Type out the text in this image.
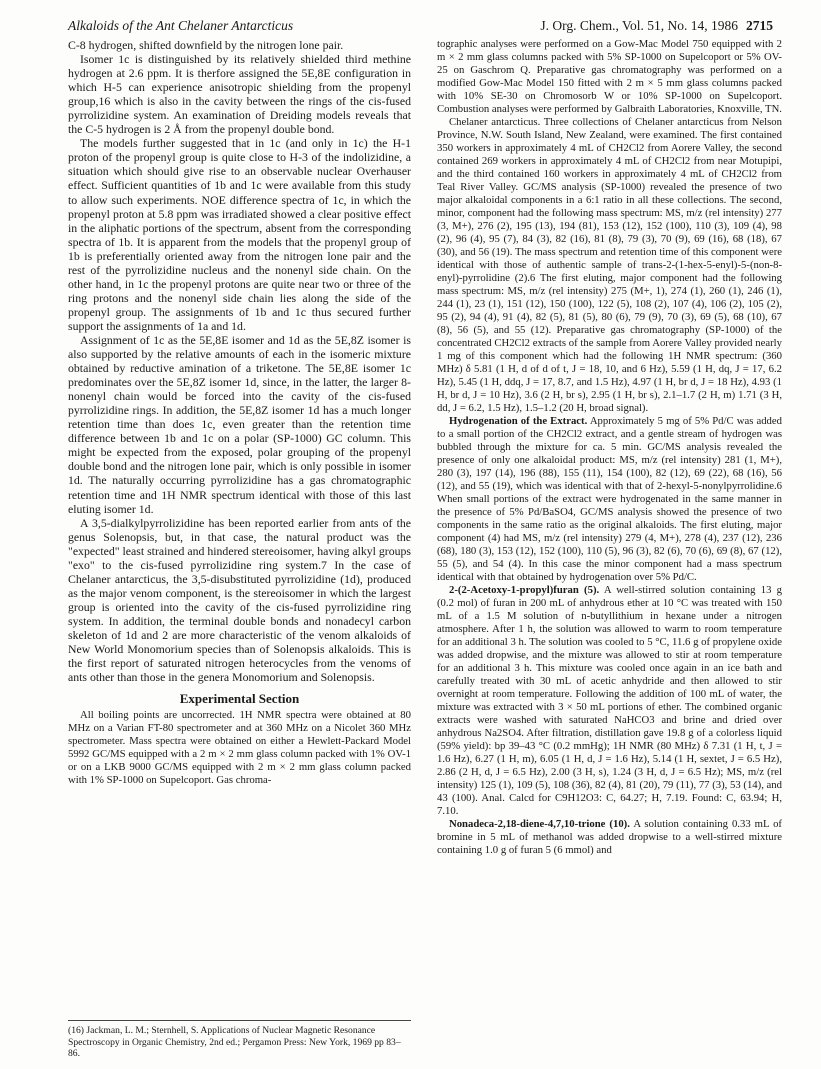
Alkaloids of the Ant Chelaner Antarcticus	J. Org. Chem., Vol. 51, No. 14, 1986 2715

C-8 hydrogen, shifted downfield by the nitrogen lone pair.

Isomer 1c is distinguished by its relatively shielded third methine hydrogen at 2.6 ppm. It is therfore assigned the 5E,8E configuration in which H-5 can experience anisotropic shielding from the propenyl group,16 which is also in the cavity between the rings of the cis-fused pyrrolizidine system. An examination of Dreiding models reveals that the C-5 hydrogen is 2 Å from the propenyl double bond.

The models further suggested that in 1c (and only in 1c) the H-1 proton of the propenyl group is quite close to H-3 of the indolizidine, a situation which should give rise to an observable nuclear Overhauser effect. Sufficient quantities of 1b and 1c were available from this study to allow such experiments. NOE difference spectra of 1c, in which the propenyl proton at 5.8 ppm was irradiated showed a clear positive effect in the aliphatic portions of the spectrum, absent from the corresponding spectra of 1b. It is apparent from the models that the propenyl group of 1b is preferentially oriented away from the nitrogen lone pair and the rest of the pyrrolizidine nucleus and the nonenyl side chain. On the other hand, in 1c the propenyl protons are quite near two or three of the ring protons and the nonenyl side chain lies along the side of the propenyl group. The assignments of 1b and 1c thus secured further support the assignments of 1a and 1d.

Assignment of 1c as the 5E,8E isomer and 1d as the 5E,8Z isomer is also supported by the relative amounts of each in the isomeric mixture obtained by reductive amination of a triketone. The 5E,8E isomer 1c predominates over the 5E,8Z isomer 1d, since, in the latter, the larger 8-nonenyl chain would be forced into the cavity of the cis-fused pyrrolizidine rings. In addition, the 5E,8Z isomer 1d has a much longer retention time than does 1c, even greater than the retention time difference between 1b and 1c on a polar (SP-1000) GC column. This might be expected from the exposed, polar grouping of the propenyl double bond and the nitrogen lone pair, which is only possible in isomer 1d. The naturally occurring pyrrolizidine has a gas chromatographic retention time and 1H NMR spectrum identical with those of this last eluting isomer 1d.

A 3,5-dialkylpyrrolizidine has been reported earlier from ants of the genus Solenopsis, but, in that case, the natural product was the "expected" least strained and hindered stereoisomer, having alkyl groups "exo" to the cis-fused pyrrolizidine ring system.7 In the case of Chelaner antarcticus, the 3,5-disubstituted pyrrolizidine (1d), produced as the major venom component, is the stereoisomer in which the largest group is oriented into the cavity of the cis-fused pyrrolizidine ring system. In addition, the terminal double bonds and nonadecyl carbon skeleton of 1d and 2 are more characteristic of the venom alkaloids of New World Monomorium species than of Solenopsis alkaloids. This is the first report of saturated nitrogen heterocycles from the venoms of ants other than those in the genera Monomorium and Solenopsis.

Experimental Section

All boiling points are uncorrected. 1H NMR spectra were obtained at 80 MHz on a Varian FT-80 spectrometer and at 360 MHz on a Nicolet 360 MHz spectrometer. Mass spectra were obtained on either a Hewlett-Packard Model 5992 GC/MS equipped with a 2 m × 2 mm glass column packed with 1% OV-1 or on a LKB 9000 GC/MS equipped with 2 m × 2 mm glass column packed with 1% SP-1000 on Supelcoport. Gas chroma-

(16) Jackman, L. M.; Sternhell, S. Applications of Nuclear Magnetic Resonance Spectroscopy in Organic Chemistry, 2nd ed.; Pergamon Press: New York, 1969 pp 83–86.

tographic analyses were performed on a Gow-Mac Model 750 equipped with 2 m × 2 mm glass columns packed with 5% SP-1000 on Supelcoport or 5% OV-25 on Gaschrom Q. Preparative gas chromatography was performed on a modified Gow-Mac Model 150 fitted with 2 m × 5 mm glass columns packed with 10% SE-30 on Chromosorb W or 10% SP-1000 on Supelcoport. Combustion analyses were performed by Galbraith Laboratories, Knoxville, TN.

Chelaner antarcticus. Three collections of Chelaner antarcticus from Nelson Province, N.W. South Island, New Zealand, were examined. The first contained 350 workers in approximately 4 mL of CH2Cl2 from Aorere Valley, the second contained 269 workers in approximately 4 mL of CH2Cl2 from near Motupipi, and the third contained 160 workers in approximately 4 mL of CH2Cl2 from Teal River Valley. GC/MS analysis (SP-1000) revealed the presence of two major alkaloidal components in a 6:1 ratio in all these collections. The second, minor, component had the following mass spectrum: MS, m/z (rel intensity) 277 (3, M+), 276 (2), 195 (13), 194 (81), 153 (12), 152 (100), 110 (3), 109 (4), 98 (2), 96 (4), 95 (7), 84 (3), 82 (16), 81 (8), 79 (3), 70 (9), 69 (16), 68 (18), 67 (30), and 56 (19). The mass spectrum and retention time of this component were identical with those of authentic sample of trans-2-(1-hex-5-enyl)-5-(non-8-enyl)-pyrrolidine (2).6 The first eluting, major component had the following mass spectrum: MS, m/z (rel intensity) 275 (M+, 1), 274 (1), 260 (1), 246 (1), 244 (1), 23 (1), 151 (12), 150 (100), 122 (5), 108 (2), 107 (4), 106 (2), 105 (2), 95 (2), 94 (4), 91 (4), 82 (5), 81 (5), 80 (6), 79 (9), 70 (3), 69 (5), 68 (10), 67 (8), 56 (5), and 55 (12). Preparative gas chromatography (SP-1000) of the concentrated CH2Cl2 extracts of the sample from Aorere Valley provided nearly 1 mg of this component which had the following 1H NMR spectrum: (360 MHz) δ 5.81 (1 H, d of d of t, J = 18, 10, and 6 Hz), 5.59 (1 H, dq, J = 17, 6.2 Hz), 5.45 (1 H, ddq, J = 17, 8.7, and 1.5 Hz), 4.97 (1 H, br d, J = 18 Hz), 4.93 (1 H, br d, J = 10 Hz), 3.6 (2 H, br s), 2.95 (1 H, br s), 2.1–1.7 (2 H, m) 1.71 (3 H, dd, J = 6.2, 1.5 Hz), 1.5–1.2 (20 H, broad signal).

Hydrogenation of the Extract. Approximately 5 mg of 5% Pd/C was added to a small portion of the CH2Cl2 extract, and a gentle stream of hydrogen was bubbled through the mixture for ca. 5 min. GC/MS analysis revealed the presence of only one alkaloidal product: MS, m/z (rel intensity) 281 (1, M+), 280 (3), 197 (14), 196 (88), 155 (11), 154 (100), 82 (12), 69 (22), 68 (16), 56 (12), and 55 (19), which was identical with that of 2-hexyl-5-nonylpyrrolidine.6 When small portions of the extract were hydrogenated in the same manner in the presence of 5% Pd/BaSO4, GC/MS analysis showed the presence of two components in the same ratio as the original alkaloids. The first eluting, major component (4) had MS, m/z (rel intensity) 279 (4, M+), 278 (4), 237 (12), 236 (68), 180 (3), 153 (12), 152 (100), 110 (5), 96 (3), 82 (6), 70 (6), 69 (8), 67 (12), 55 (5), and 54 (4). In this case the minor component had a mass spectrum identical with that obtained by hydrogenation over 5% Pd/C.

2-(2-Acetoxy-1-propyl)furan (5). A well-stirred solution containing 13 g (0.2 mol) of furan in 200 mL of anhydrous ether at 10 °C was treated with 150 mL of a 1.5 M solution of n-butyllithium in hexane under a nitrogen atmosphere. After 1 h, the solution was allowed to warm to room temperature for an additional 3 h. The solution was cooled to 5 °C, 11.6 g of propylene oxide was added dropwise, and the mixture was allowed to stir at room temperature for an additional 3 h. This mixture was cooled once again in an ice bath and carefully treated with 30 mL of acetic anhydride and then allowed to stir overnight at room temperature. Following the addition of 100 mL of water, the mixture was extracted with 3 × 50 mL portions of ether. The combined organic extracts were washed with saturated NaHCO3 and brine and dried over anhydrous Na2SO4. After filtration, distillation gave 19.8 g of a colorless liquid (59% yield): bp 39–43 °C (0.2 mmHg); 1H NMR (80 MHz) δ 7.31 (1 H, t, J = 1.6 Hz), 6.27 (1 H, m), 6.05 (1 H, d, J = 1.6 Hz), 5.14 (1 H, sextet, J = 6.5 Hz), 2.86 (2 H, d, J = 6.5 Hz), 2.00 (3 H, s), 1.24 (3 H, d, J = 6.5 Hz); MS, m/z (rel intensity) 125 (1), 109 (5), 108 (36), 82 (4), 81 (20), 79 (11), 77 (3), 53 (14), and 43 (100). Anal. Calcd for C9H12O3: C, 64.27; H, 7.19. Found: C, 63.94; H, 7.10.

Nonadeca-2,18-diene-4,7,10-trione (10). A solution containing 0.33 mL of bromine in 5 mL of methanol was added dropwise to a well-stirred mixture containing 1.0 g of furan 5 (6 mmol) and
